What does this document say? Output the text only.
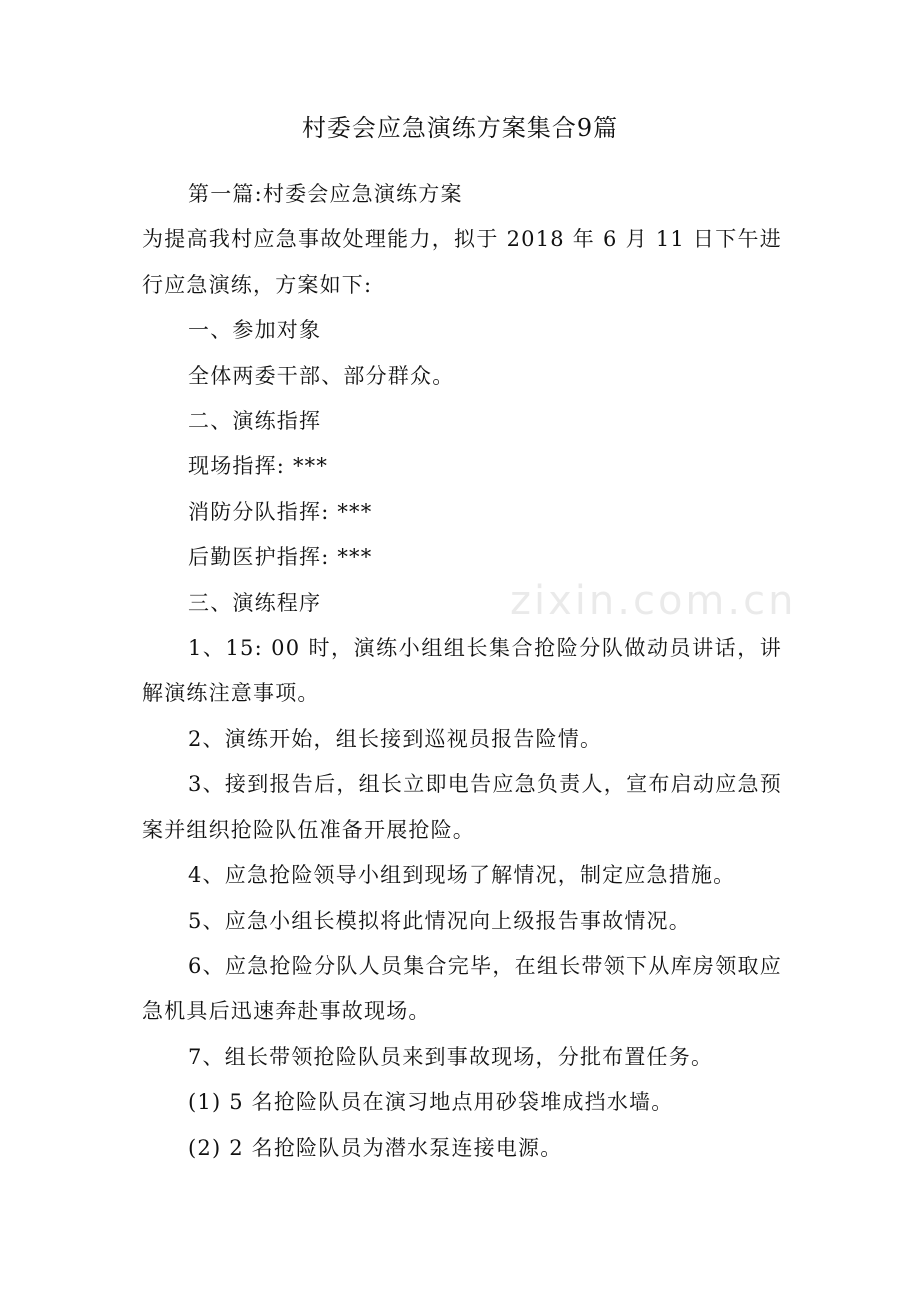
村委会应急演练方案集合9篇

第一篇:村委会应急演练方案

为提高我村应急事故处理能力，拟于 2018 年 6 月 11 日下午进行应急演练，方案如下:

一、参加对象

全体两委干部、部分群众。

二、演练指挥

现场指挥: ***

消防分队指挥: ***

后勤医护指挥: ***

三、演练程序

1、15: 00 时，演练小组组长集合抢险分队做动员讲话，讲解演练注意事项。

2、演练开始，组长接到巡视员报告险情。

3、接到报告后，组长立即电告应急负责人，宣布启动应急预案并组织抢险队伍准备开展抢险。

4、应急抢险领导小组到现场了解情况，制定应急措施。

5、应急小组长模拟将此情况向上级报告事故情况。

6、应急抢险分队人员集合完毕，在组长带领下从库房领取应急机具后迅速奔赴事故现场。

7、组长带领抢险队员来到事故现场，分批布置任务。

(1) 5 名抢险队员在演习地点用砂袋堆成挡水墙。

(2) 2 名抢险队员为潜水泵连接电源。

zixin.com.cn
